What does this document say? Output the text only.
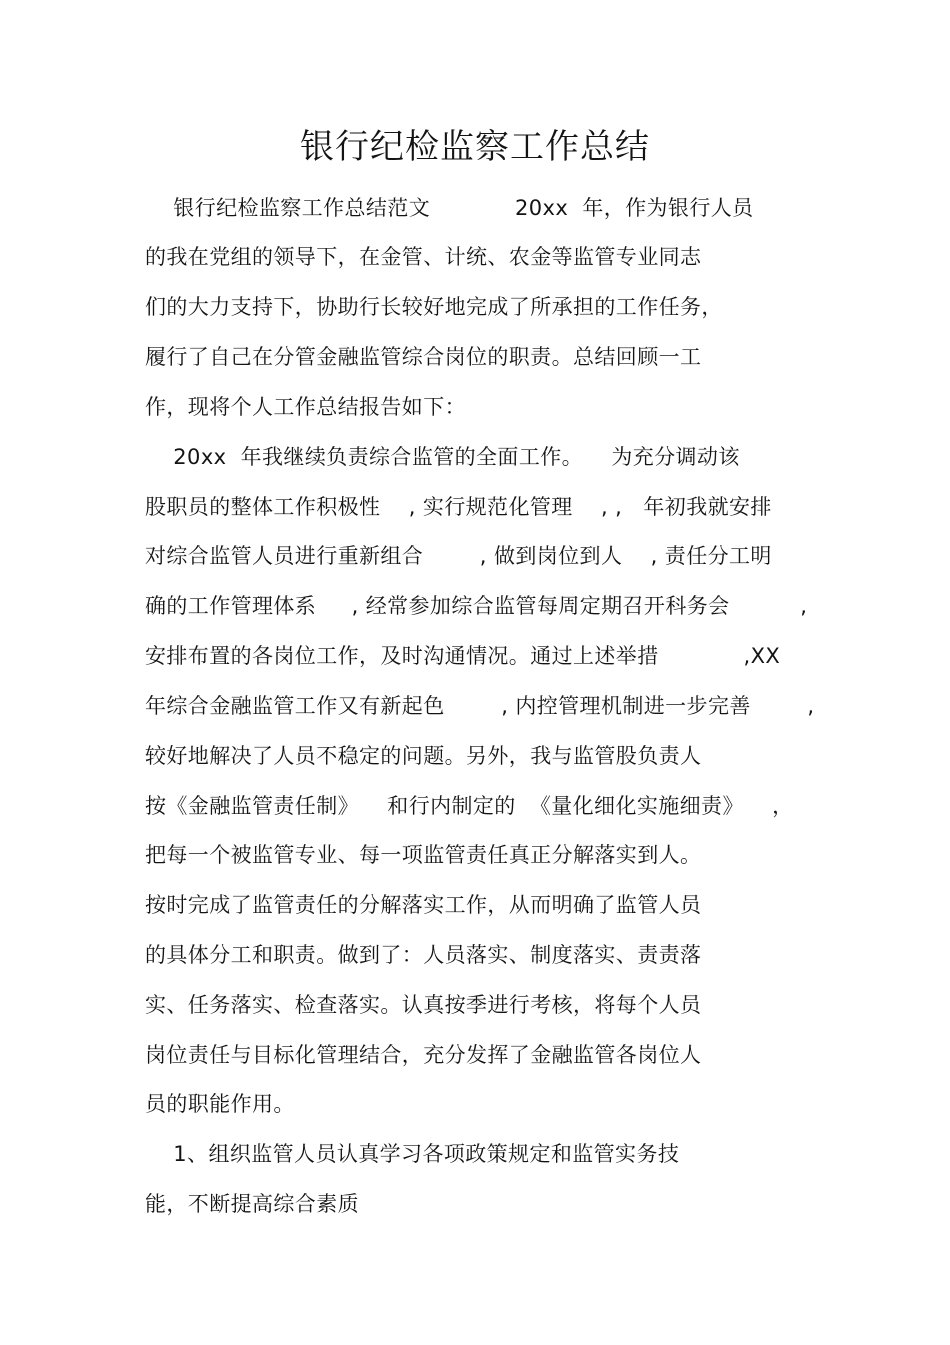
银行纪检监察工作总结
银行纪检监察工作总结范文            20xx  年，作为银行人员
的我在党组的领导下，在金管、计统、农金等监管专业同志
们的大力支持下，协助行长较好地完成了所承担的工作任务，
履行了自己在分管金融监管综合岗位的职责。总结回顾一工
作，现将个人工作总结报告如下：
20xx  年我继续负责综合监管的全面工作。    为充分调动该
股职员的整体工作积极性    , 实行规范化管理    , ,   年初我就安排
对综合监管人员进行重新组合        , 做到岗位到人    , 责任分工明
确的工作管理体系     , 经常参加综合监管每周定期召开科务会          ,
安排布置的各岗位工作，及时沟通情况。通过上述举措            ,XX
年综合金融监管工作又有新起色        , 内控管理机制进一步完善        ,
较好地解决了人员不稳定的问题。另外，我与监管股负责人
按《金融监管责任制》    和行内制定的  《量化细化实施细责》    ，
把每一个被监管专业、每一项监管责任真正分解落实到人。
按时完成了监管责任的分解落实工作，从而明确了监管人员
的具体分工和职责。做到了：人员落实、制度落实、责责落
实、任务落实、检查落实。认真按季进行考核，将每个人员
岗位责任与目标化管理结合，充分发挥了金融监管各岗位人
员的职能作用。
1、组织监管人员认真学习各项政策规定和监管实务技
能，不断提高综合素质
